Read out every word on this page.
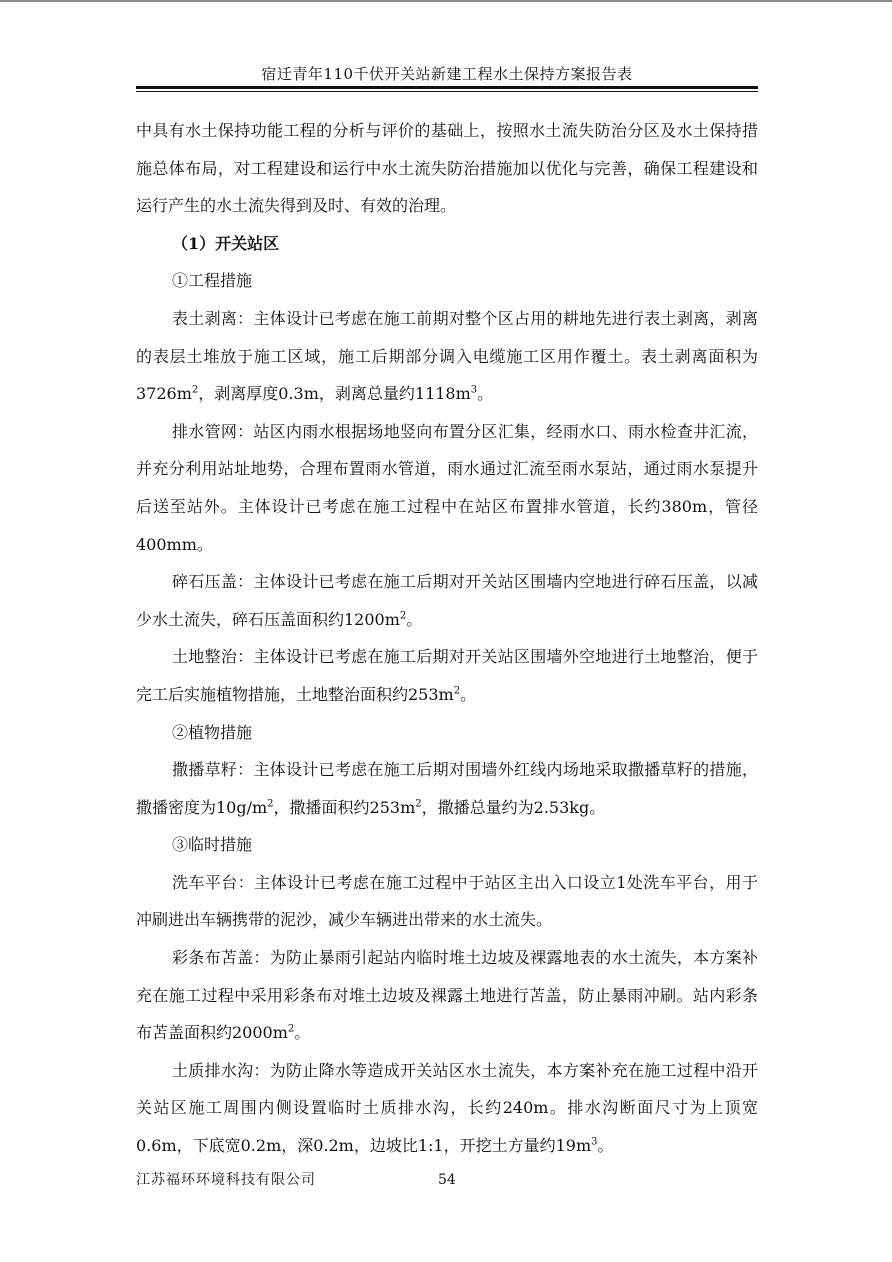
宿迁青年110千伏开关站新建工程水土保持方案报告表

中具有水土保持功能工程的分析与评价的基础上，按照水土流失防治分区及水土保持措施总体布局，对工程建设和运行中水土流失防治措施加以优化与完善，确保工程建设和运行产生的水土流失得到及时、有效的治理。

（1）开关站区

①工程措施

表土剥离：主体设计已考虑在施工前期对整个区占用的耕地先进行表土剥离，剥离的表层土堆放于施工区域，施工后期部分调入电缆施工区用作覆土。表土剥离面积为$3726m^2$，剥离厚度0.3m，剥离总量约$1118m^3$。

排水管网：站区内雨水根据场地竖向布置分区汇集，经雨水口、雨水检查井汇流，并充分利用站址地势，合理布置雨水管道，雨水通过汇流至雨水泵站，通过雨水泵提升后送至站外。主体设计已考虑在施工过程中在站区布置排水管道，长约380m，管径400mm。

碎石压盖：主体设计已考虑在施工后期对开关站区围墙内空地进行碎石压盖，以减少水土流失，碎石压盖面积约$1200m^2$。

土地整治：主体设计已考虑在施工后期对开关站区围墙外空地进行土地整治，便于完工后实施植物措施，土地整治面积约$253m^2$。

②植物措施

撒播草籽：主体设计已考虑在施工后期对围墙外红线内场地采取撒播草籽的措施，撒播密度为$10g/m^2$，撒播面积约$253m^2$，撒播总量约为2.53kg。

③临时措施

洗车平台：主体设计已考虑在施工过程中于站区主出入口设立1处洗车平台，用于冲刷进出车辆携带的泥沙，减少车辆进出带来的水土流失。

彩条布苫盖：为防止暴雨引起站内临时堆土边坡及裸露地表的水土流失，本方案补充在施工过程中采用彩条布对堆土边坡及裸露土地进行苫盖，防止暴雨冲刷。站内彩条布苫盖面积约$2000m^2$。

土质排水沟：为防止降水等造成开关站区水土流失，本方案补充在施工过程中沿开关站区施工周围内侧设置临时土质排水沟，长约240m。排水沟断面尺寸为上顶宽0.6m，下底宽0.2m，深0.2m，边坡比1:1，开挖土方量约$19m^3$。

江苏福环环境科技有限公司	54
